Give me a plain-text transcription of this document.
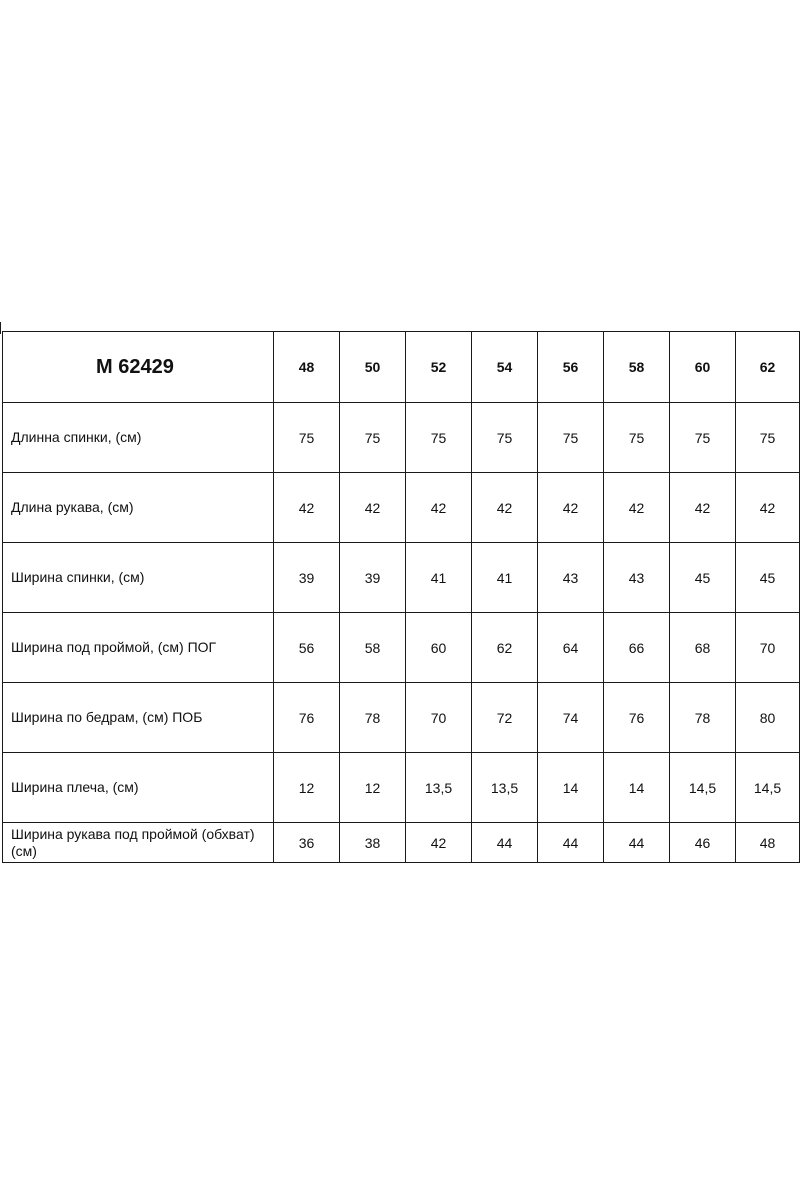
М 62429	48	50	52	54	56	58	60	62
Длинна спинки, (см)	75	75	75	75	75	75	75	75
Длина рукава, (см)	42	42	42	42	42	42	42	42
Ширина спинки, (см)	39	39	41	41	43	43	45	45
Ширина под проймой, (см) ПОГ	56	58	60	62	64	66	68	70
Ширина по бедрам, (см) ПОБ	76	78	70	72	74	76	78	80
Ширина плеча, (см)	12	12	13,5	13,5	14	14	14,5	14,5
Ширина рукава под проймой (обхват) (см)	36	38	42	44	44	44	46	48
